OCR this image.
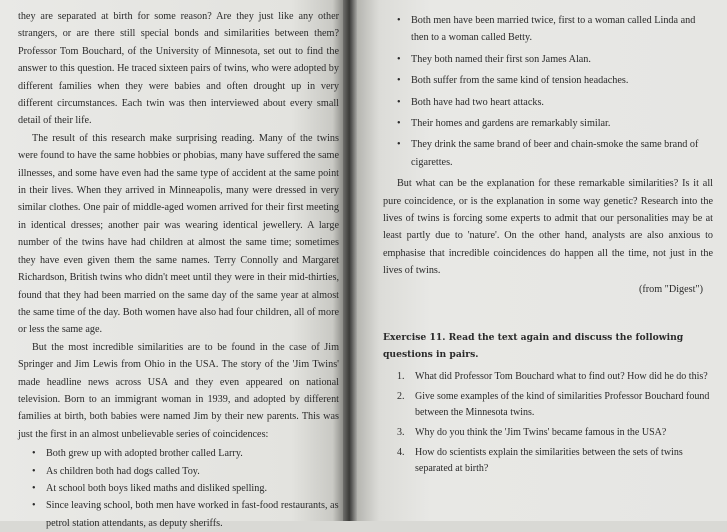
they are separated at birth for some reason? Are they just like any other strangers, or are there still special bonds and similarities between them? Professor Tom Bouchard, of the University of Minnesota, set out to find the answer to this question. He traced sixteen pairs of twins, who were adopted by different families when they were babies and often drought up in very different circumstances. Each twin was then interviewed about every small detail of their life.

The result of this research make surprising reading. Many of the twins were found to have the same hobbies or phobias, many have suffered the same illnesses, and some have even had the same type of accident at the same point in their lives. When they arrived in Minneapolis, many were dressed in very similar clothes. One pair of middle-aged women arrived for their first meeting in identical dresses; another pair was wearing identical jewellery. A large number of the twins have had children at almost the same time; sometimes they have even given them the same names. Terry Connolly and Margaret Richardson, British twins who didn't meet until they were in their mid-thirties, found that they had been married on the same day of the same year at almost the same time of the day. Both women have also had four children, all of more or less the same age.

But the most incredible similarities are to be found in the case of Jim Springer and Jim Lewis from Ohio in the USA. The story of the 'Jim Twins' made headline news across USA and they even appeared on national television. Born to an immigrant woman in 1939, and adopted by different families at birth, both babies were named Jim by their new parents. This was just the first in an almost unbelievable series of coincidences:

• Both grew up with adopted brother called Larry.
• As children both had dogs called Toy.
• At school both boys liked maths and disliked spelling.
• Since leaving school, both men have worked in fast-food restaurants, as petrol station attendants, as deputy sheriffs.
• Both men have been married twice, first to a woman called Linda and then to a woman called Betty.
• They both named their first son James Alan.
• Both suffer from the same kind of tension headaches.
• Both have had two heart attacks.
• Their homes and gardens are remarkably similar.
• They drink the same brand of beer and chain-smoke the same brand of cigarettes.

But what can be the explanation for these remarkable similarities? Is it all pure coincidence, or is the explanation in some way genetic? Research into the lives of twins is forcing some experts to admit that our personalities may be at least partly due to 'nature'. On the other hand, analysts are also anxious to emphasise that incredible coincidences do happen all the time, not just in the lives of twins.

(from "Digest")

Exercise 11. Read the text again and discuss the following questions in pairs.

1. What did Professor Tom Bouchard what to find out? How did he do this?
2. Give some examples of the kind of similarities Professor Bouchard found between the Minnesota twins.
3. Why do you think the 'Jim Twins' became famous in the USA?
4. How do scientists explain the similarities between the sets of twins separated at birth?
